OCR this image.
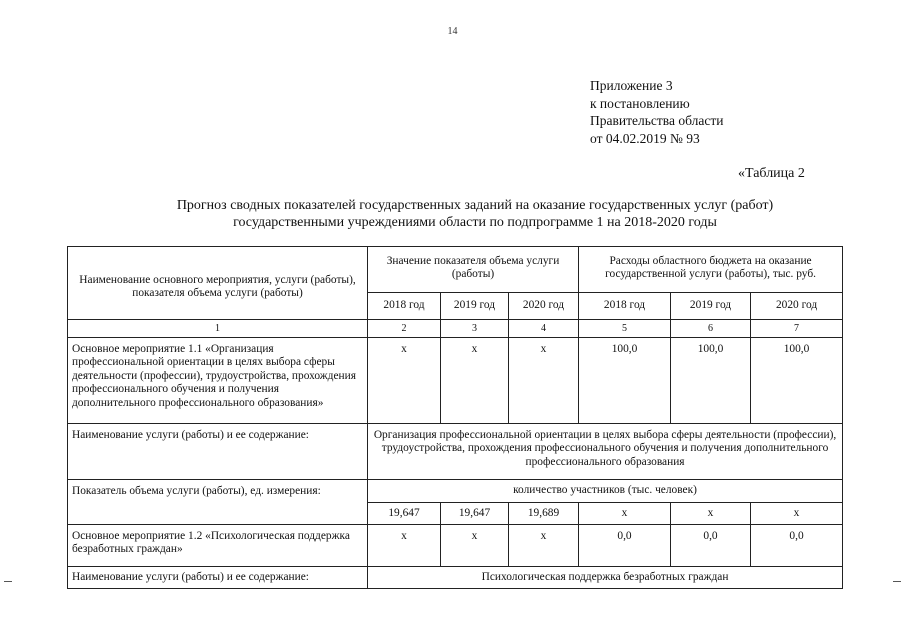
14
Приложение 3
к постановлению
Правительства области
от 04.02.2019 № 93
«Таблица 2
Прогноз сводных показателей государственных заданий на оказание государственных услуг (работ)
государственными учреждениями области по подпрограмме 1 на 2018-2020 годы
Наименование основного мероприятия, услуги (работы), показателя объема услуги (работы)	Значение показателя объема услуги (работы)			Расходы областного бюджета на оказание государственной услуги (работы), тыс. руб.		
	2018 год	2019 год	2020 год	2018 год	2019 год	2020 год
1	2	3	4	5	6	7
Основное мероприятие 1.1 «Организация профессиональной ориентации в целях выбора сферы деятельности (профессии), трудоустройства, прохождения профессионального обучения и получения дополнительного профессионального образования»	х	х	х	100,0	100,0	100,0
Наименование услуги (работы) и ее содержание:	Организация профессиональной ориентации в целях выбора сферы деятельности (профессии), трудоустройства, прохождения профессионального обучения и получения дополнительного профессионального образования					
Показатель объема услуги (работы), ед. измерения:	количество участников (тыс. человек)					
	19,647	19,647	19,689	х	х	х
Основное мероприятие 1.2 «Психологическая поддержка безработных граждан»	х	х	х	0,0	0,0	0,0
Наименование услуги (работы) и ее содержание:	Психологическая поддержка безработных граждан					
